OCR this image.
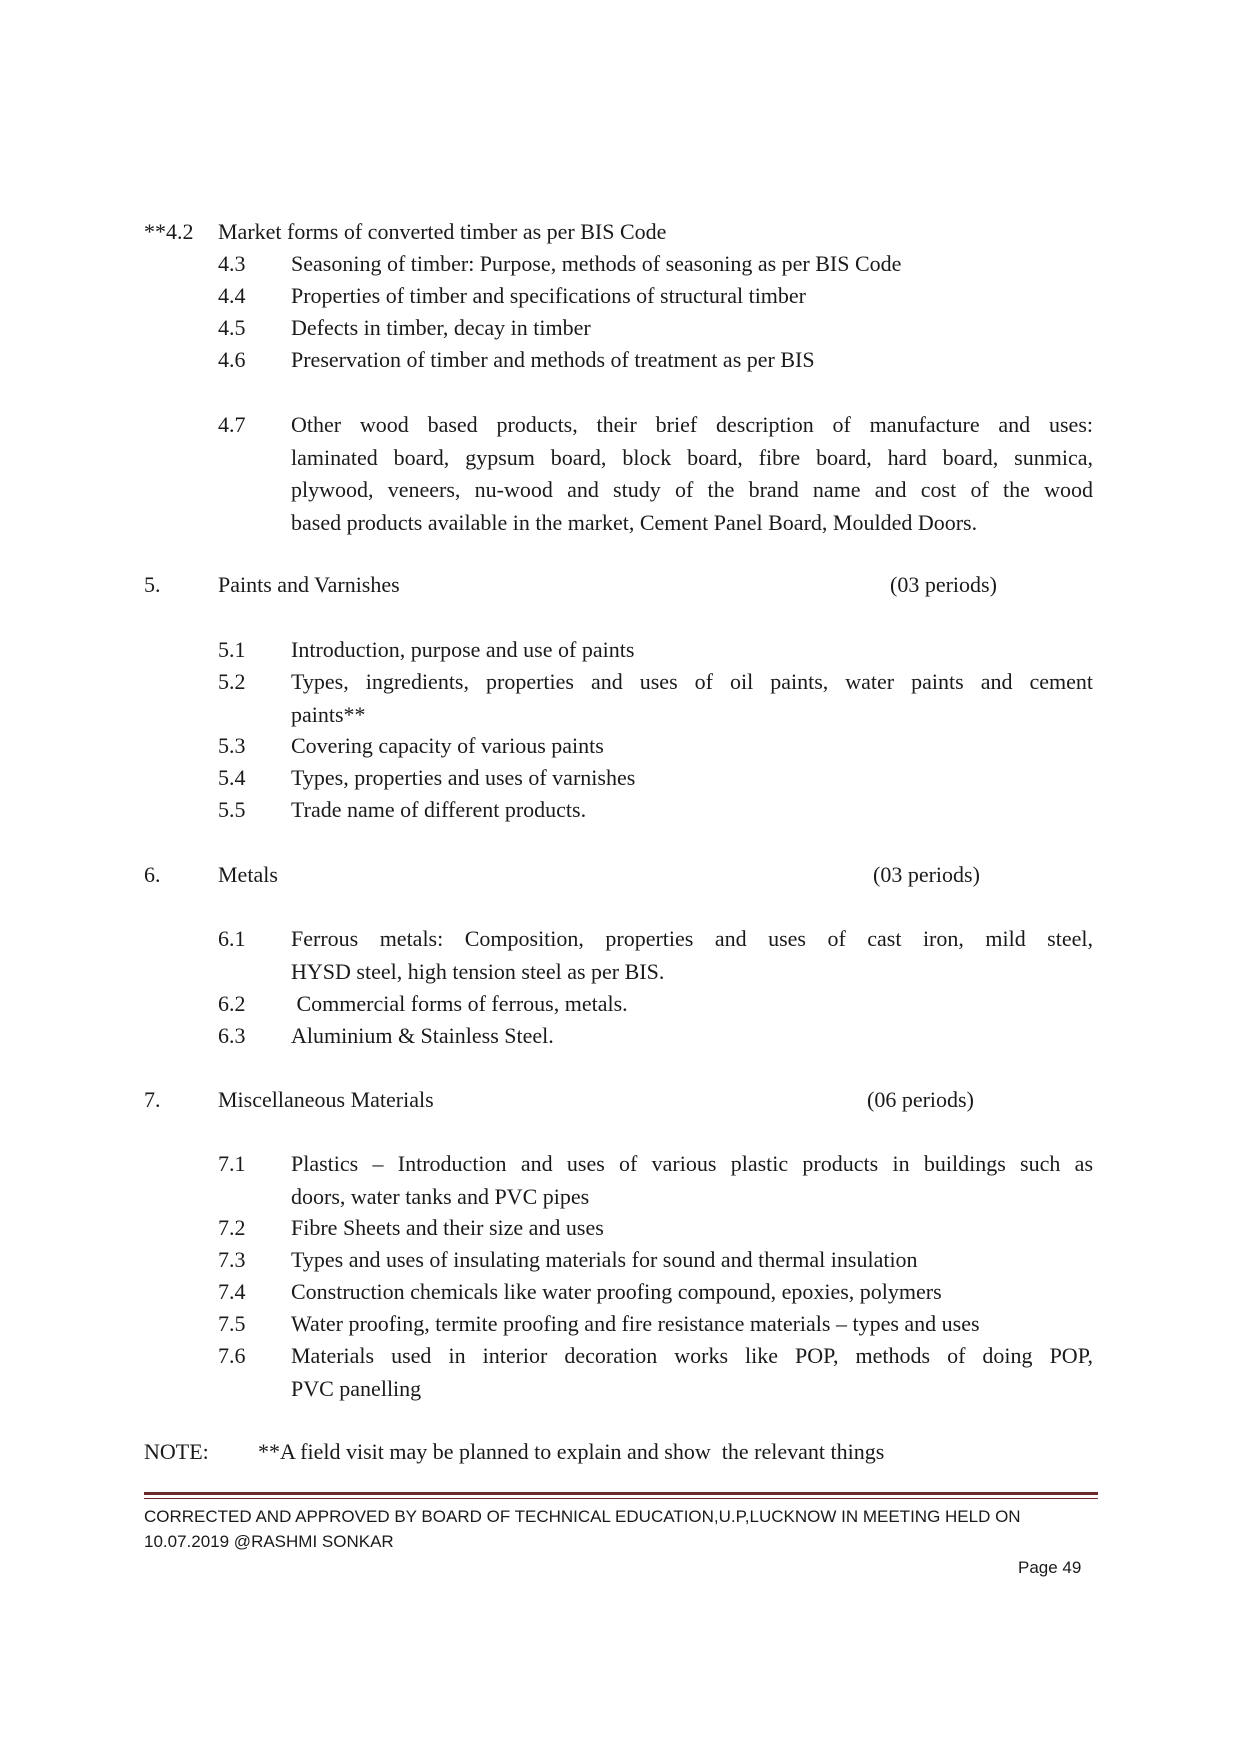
**4.2 Market forms of converted timber as per BIS Code
4.3 Seasoning of timber: Purpose, methods of seasoning as per BIS Code
4.4 Properties of timber and specifications of structural timber
4.5 Defects in timber, decay in timber
4.6 Preservation of timber and methods of treatment as per BIS
4.7 Other wood based products, their brief description of manufacture and uses:
laminated board, gypsum board, block board, fibre board, hard board, sunmica,
plywood, veneers, nu-wood and study of the brand name and cost of the wood
based products available in the market, Cement Panel Board, Moulded Doors.
5.	Paints and Varnishes	(03 periods)
5.1 Introduction, purpose and use of paints
5.2 Types, ingredients, properties and uses of oil paints, water paints and cement
paints**
5.3 Covering capacity of various paints
5.4 Types, properties and uses of varnishes
5.5 Trade name of different products.
6.	Metals	(03 periods)
6.1 Ferrous metals: Composition, properties and uses of cast iron, mild steel,
HYSD steel, high tension steel as per BIS.
6.2 Commercial forms of ferrous, metals.
6.3 Aluminium & Stainless Steel.
7.	Miscellaneous Materials	(06 periods)
7.1 Plastics – Introduction and uses of various plastic products in buildings such as
doors, water tanks and PVC pipes
7.2 Fibre Sheets and their size and uses
7.3 Types and uses of insulating materials for sound and thermal insulation
7.4 Construction chemicals like water proofing compound, epoxies, polymers
7.5 Water proofing, termite proofing and fire resistance materials – types and uses
7.6 Materials used in interior decoration works like POP, methods of doing POP,
PVC panelling
NOTE: **A field visit may be planned to explain and show  the relevant things
CORRECTED AND APPROVED BY BOARD OF TECHNICAL EDUCATION,U.P,LUCKNOW IN MEETING HELD ON
10.07.2019 @RASHMI SONKAR
Page 49
